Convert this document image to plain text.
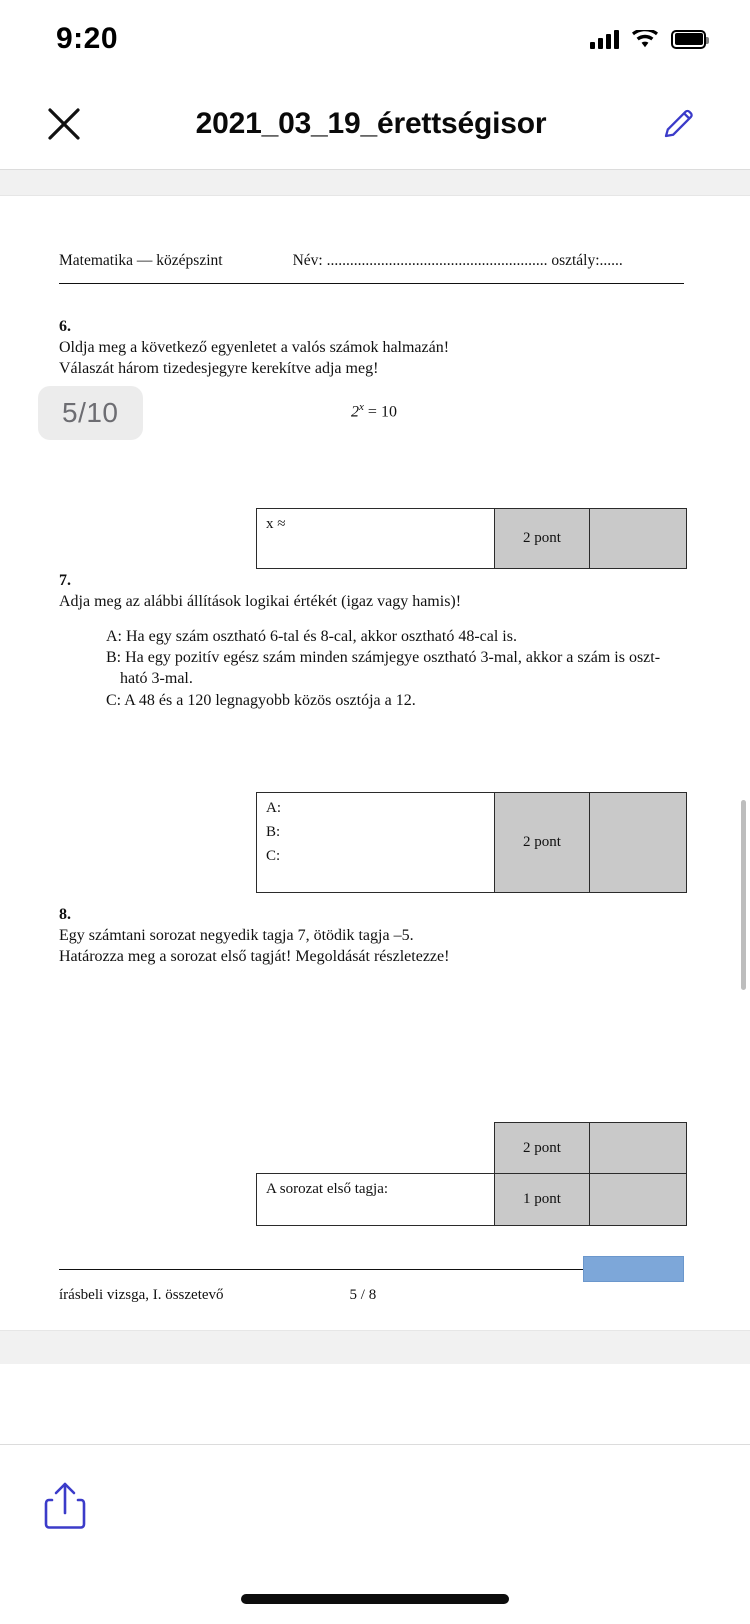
9:20
2021_03_19_érettségisor
Matematika — középszint	Név: ......................................................... osztály:......
6.
Oldja meg a következő egyenletet a valós számok halmazán!
Válaszát három tizedesjegyre kerekítve adja meg!
$2^x = 10$
x ≈	2 pont	
7.
Adja meg az alábbi állítások logikai értékét (igaz vagy hamis)!
A: Ha egy szám osztható 6-tal és 8-cal, akkor osztható 48-cal is.
B: Ha egy pozitív egész szám minden számjegye osztható 3-mal, akkor a szám is oszt-
ható 3-mal.
C: A 48 és a 120 legnagyobb közös osztója a 12.
A:
B:
C:
	2 pont	
8.
Egy számtani sorozat negyedik tagja 7, ötödik tagja –5.
Határozza meg a sorozat első tagját! Megoldását részletezze!
	2 pont	
A sorozat első tagja:	1 pont	
írásbeli vizsga, I. összetevő	5 / 8
5/10
